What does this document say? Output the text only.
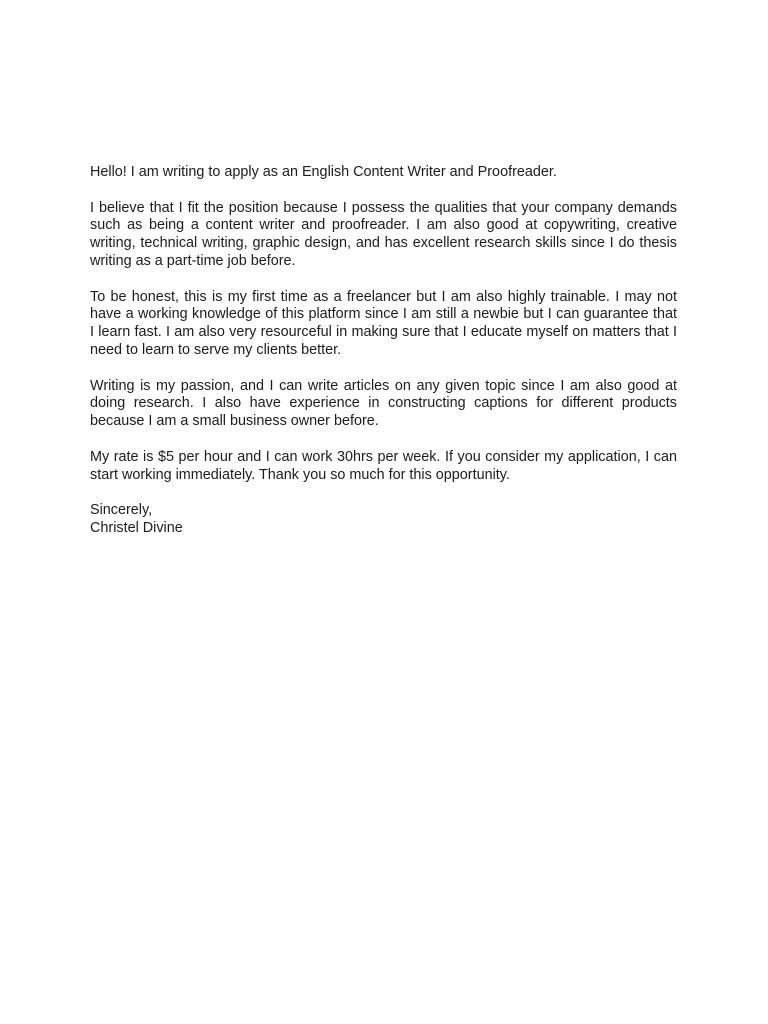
Hello! I am writing to apply as an English Content Writer and Proofreader.

I believe that I fit the position because I possess the qualities that your company demands such as being a content writer and proofreader. I am also good at copywriting, creative writing, technical writing, graphic design, and has excellent research skills since I do thesis writing as a part-time job before.

To be honest, this is my first time as a freelancer but I am also highly trainable. I may not have a working knowledge of this platform since I am still a newbie but I can guarantee that I learn fast. I am also very resourceful in making sure that I educate myself on matters that I need to learn to serve my clients better.

Writing is my passion, and I can write articles on any given topic since I am also good at doing research. I also have experience in constructing captions for different products because I am a small business owner before.

My rate is $5 per hour and I can work 30hrs per week. If you consider my application, I can start working immediately. Thank you so much for this opportunity.

Sincerely,
Christel Divine
